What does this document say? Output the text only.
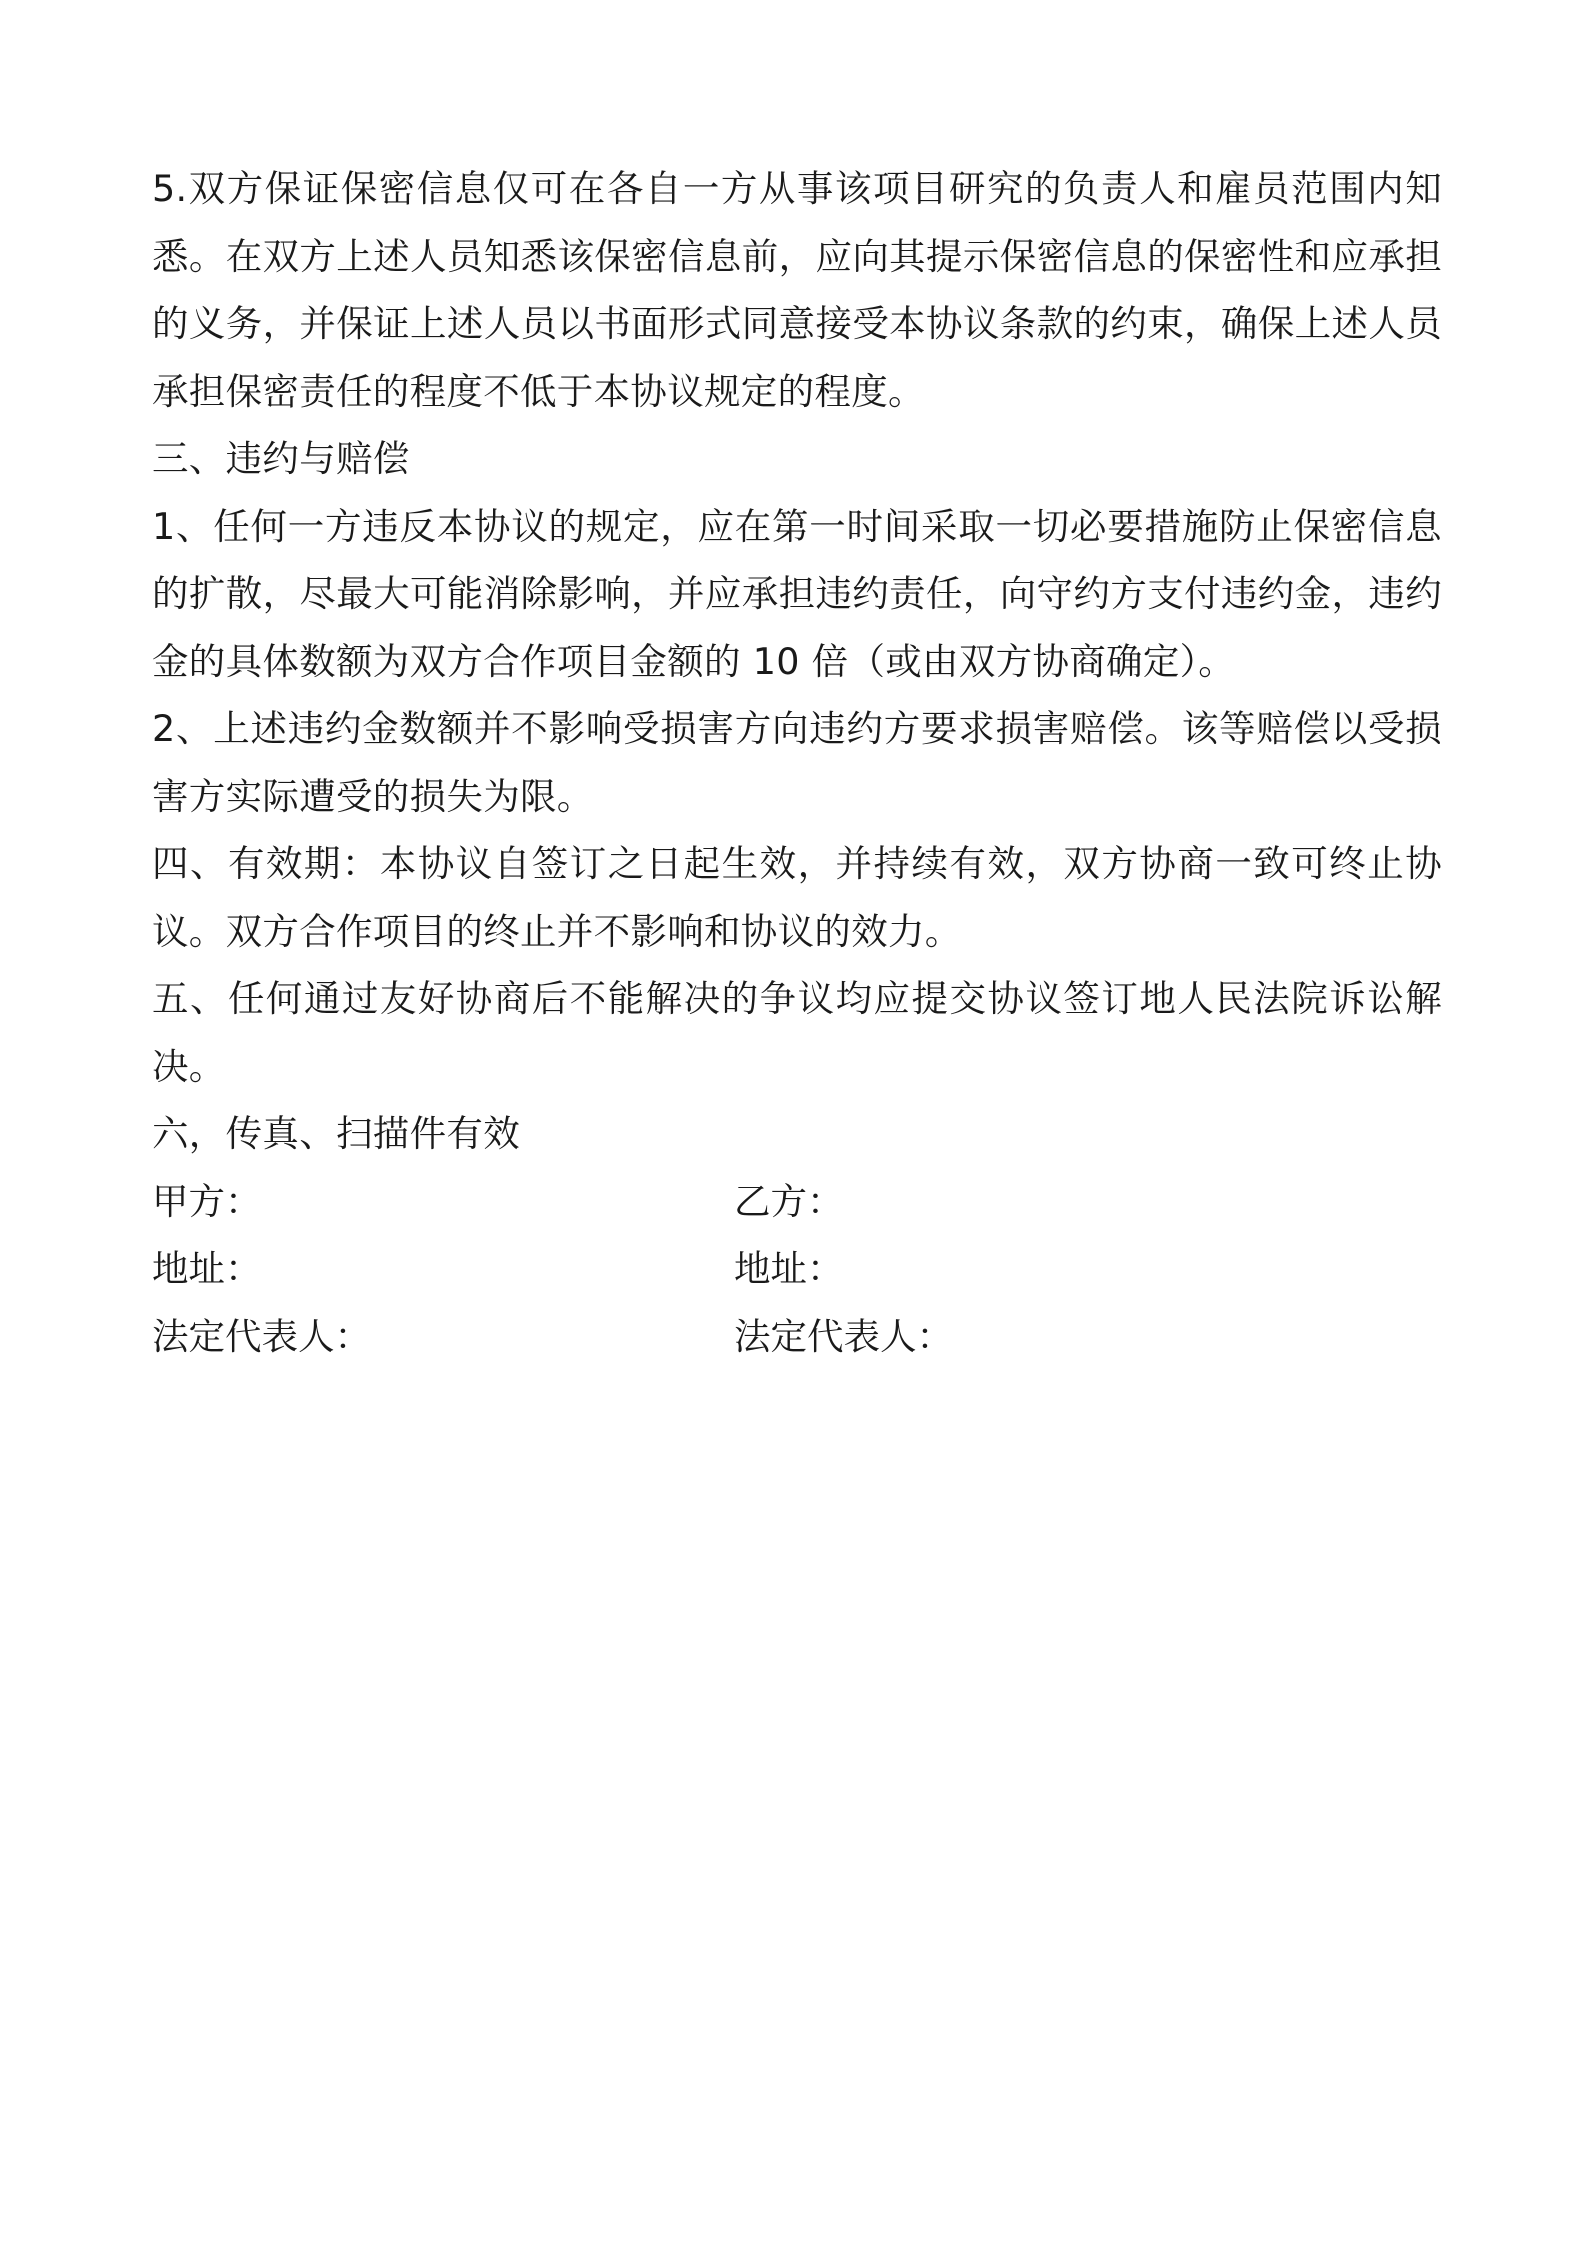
5.双方保证保密信息仅可在各自一方从事该项目研究的负责人和雇员范围内知悉。在双方上述人员知悉该保密信息前，应向其提示保密信息的保密性和应承担的义务，并保证上述人员以书面形式同意接受本协议条款的约束，确保上述人员承担保密责任的程度不低于本协议规定的程度。

三、违约与赔偿

1、任何一方违反本协议的规定，应在第一时间采取一切必要措施防止保密信息的扩散，尽最大可能消除影响，并应承担违约责任，向守约方支付违约金，违约金的具体数额为双方合作项目金额的 10 倍（或由双方协商确定）。

2、上述违约金数额并不影响受损害方向违约方要求损害赔偿。该等赔偿以受损害方实际遭受的损失为限。

四、有效期：本协议自签订之日起生效，并持续有效，双方协商一致可终止协议。双方合作项目的终止并不影响和协议的效力。

五、任何通过友好协商后不能解决的争议均应提交协议签订地人民法院诉讼解决。

六，传真、扫描件有效

甲方：	乙方：
地址：	地址：
法定代表人：	法定代表人：
